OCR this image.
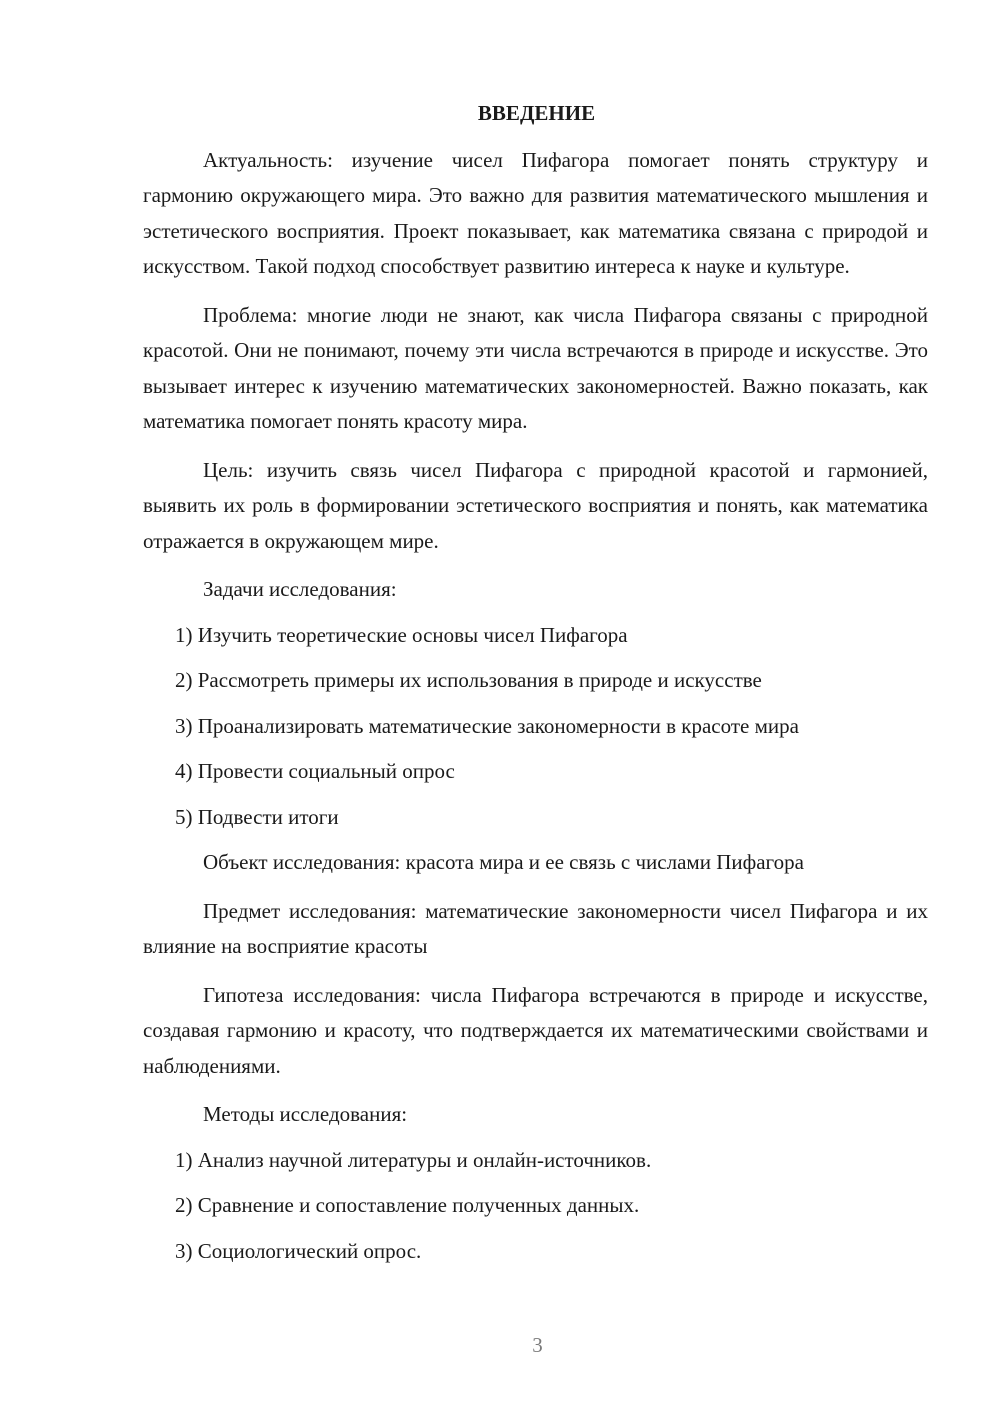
ВВЕДЕНИЕ

Актуальность: изучение чисел Пифагора помогает понять структуру и гармонию окружающего мира. Это важно для развития математического мышления и эстетического восприятия. Проект показывает, как математика связана с природой и искусством. Такой подход способствует развитию интереса к науке и культуре.

Проблема: многие люди не знают, как числа Пифагора связаны с природной красотой. Они не понимают, почему эти числа встречаются в природе и искусстве. Это вызывает интерес к изучению математических закономерностей. Важно показать, как математика помогает понять красоту мира.

Цель: изучить связь чисел Пифагора с природной красотой и гармонией, выявить их роль в формировании эстетического восприятия и понять, как математика отражается в окружающем мире.

Задачи исследования:

1) Изучить теоретические основы чисел Пифагора
2) Рассмотреть примеры их использования в природе и искусстве
3) Проанализировать математические закономерности в красоте мира
4) Провести социальный опрос
5) Подвести итоги

Объект исследования: красота мира и ее связь с числами Пифагора

Предмет исследования: математические закономерности чисел Пифагора и их влияние на восприятие красоты

Гипотеза исследования: числа Пифагора встречаются в природе и искусстве, создавая гармонию и красоту, что подтверждается их математическими свойствами и наблюдениями.

Методы исследования:

1) Анализ научной литературы и онлайн-источников.
2) Сравнение и сопоставление полученных данных.
3) Социологический опрос.
3
